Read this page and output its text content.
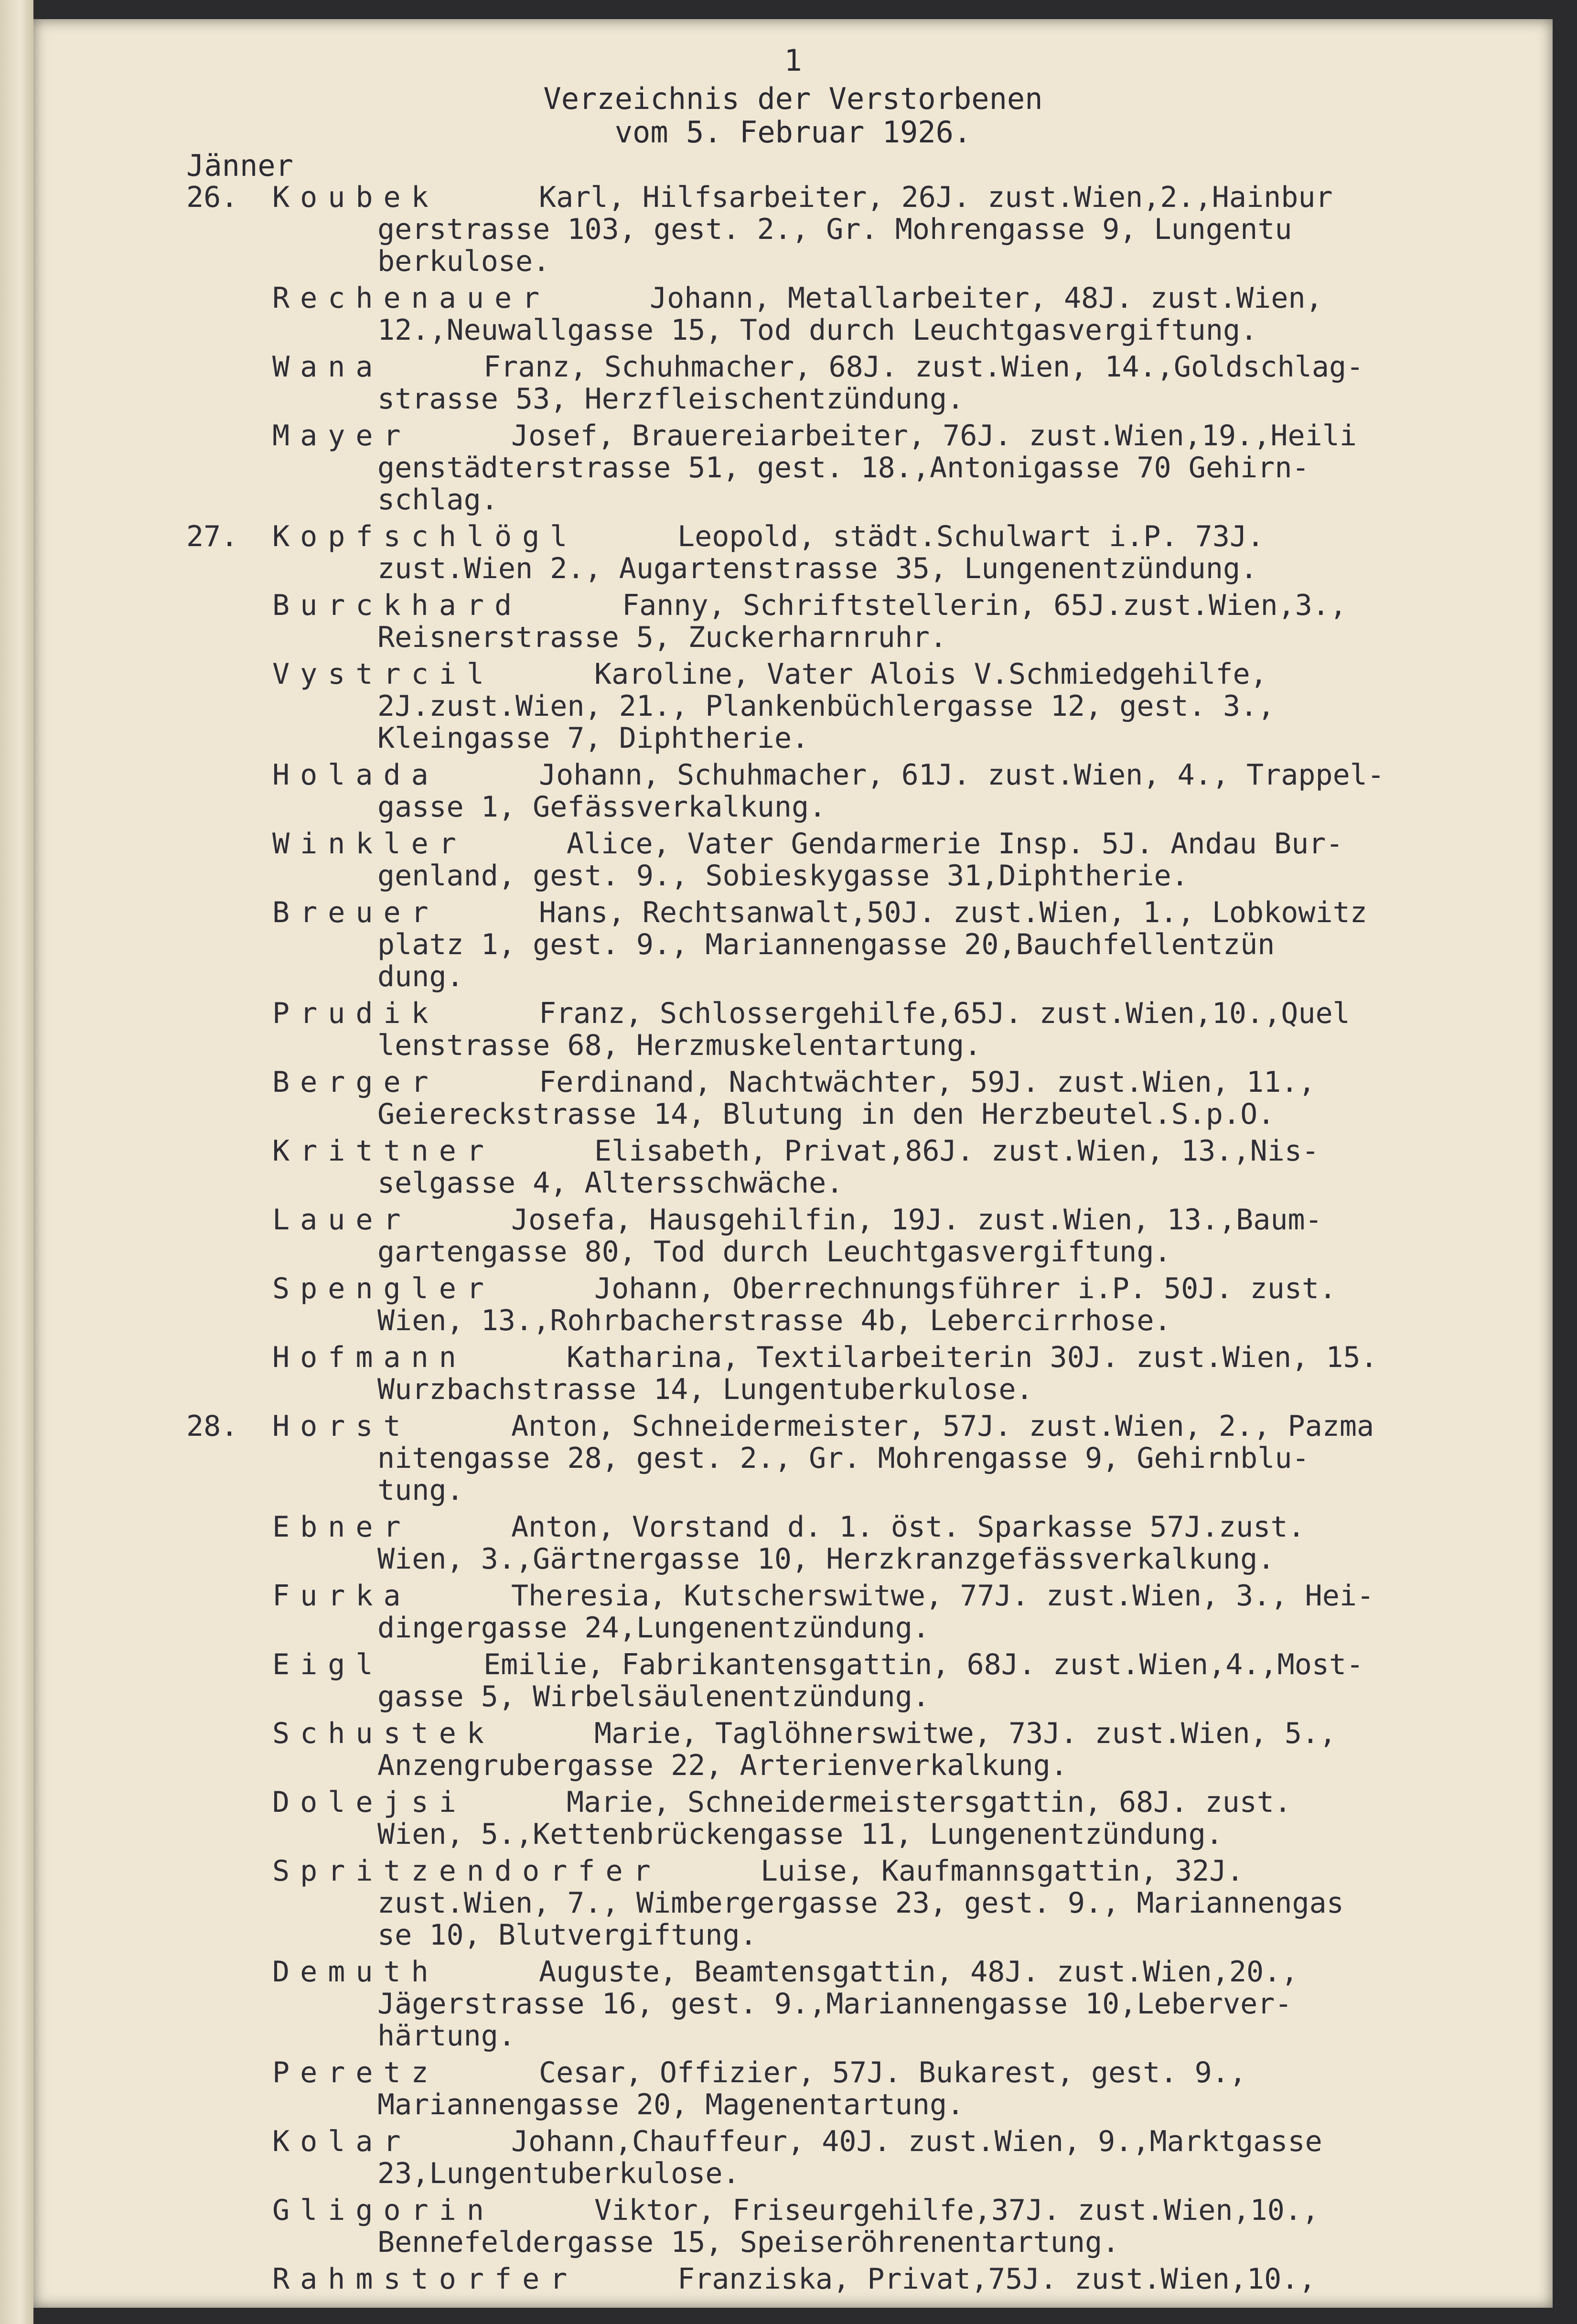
1
Verzeichnis der Verstorbenen
vom 5. Februar 1926.
Jänner
26. Koubek	Karl, Hilfsarbeiter, 26J. zust.Wien,2.,Hainbur
gerstrasse 103, gest. 2., Gr. Mohrengasse 9, Lungentu
berkulose.
Rechenauer	Johann, Metallarbeiter, 48J. zust.Wien,
12.,Neuwallgasse 15, Tod durch Leuchtgasvergiftung.
Wana	Franz, Schuhmacher, 68J. zust.Wien, 14.,Goldschlag-
strasse 53, Herzfleischentzündung.
Mayer	Josef, Brauereiarbeiter, 76J. zust.Wien,19.,Heili
genstädterstrasse 51, gest. 18.,Antonigasse 70 Gehirn-
schlag.
27. Kopfschlögl	Leopold, städt.Schulwart i.P. 73J.
zust.Wien 2., Augartenstrasse 35, Lungenentzündung.
Burckhard	Fanny, Schriftstellerin, 65J.zust.Wien,3.,
Reisnerstrasse 5, Zuckerharnruhr.
Vystrcil	Karoline, Vater Alois V.Schmiedgehilfe,
2J.zust.Wien, 21., Plankenbüchlergasse 12, gest. 3.,
Kleingasse 7, Diphtherie.
Holada	Johann, Schuhmacher, 61J. zust.Wien, 4., Trappel-
gasse 1, Gefässverkalkung.
Winkler	Alice, Vater Gendarmerie Insp. 5J. Andau Bur-
genland, gest. 9., Sobieskygasse 31,Diphtherie.
Breuer	Hans, Rechtsanwalt,50J. zust.Wien, 1., Lobkowitz
platz 1, gest. 9., Mariannengasse 20,Bauchfellentzün
dung.
Prudik	Franz, Schlossergehilfe,65J. zust.Wien,10.,Quel
lenstrasse 68, Herzmuskelentartung.
Berger	Ferdinand, Nachtwächter, 59J. zust.Wien, 11.,
Geiereckstrasse 14, Blutung in den Herzbeutel.S.p.O.
Krittner	Elisabeth, Privat,86J. zust.Wien, 13.,Nis-
selgasse 4, Altersschwäche.
Lauer	Josefa, Hausgehilfin, 19J. zust.Wien, 13.,Baum-
gartengasse 80, Tod durch Leuchtgasvergiftung.
Spengler	Johann, Oberrechnungsführer i.P. 50J. zust.
Wien, 13.,Rohrbacherstrasse 4b, Lebercirrhose.
Hofmann	Katharina, Textilarbeiterin 30J. zust.Wien, 15.
Wurzbachstrasse 14, Lungentuberkulose.
28. Horst	Anton, Schneidermeister, 57J. zust.Wien, 2., Pazma
nitengasse 28, gest. 2., Gr. Mohrengasse 9, Gehirnblu-
tung.
Ebner	Anton, Vorstand d. 1. öst. Sparkasse 57J.zust.
Wien, 3.,Gärtnergasse 10, Herzkranzgefässverkalkung.
Furka	Theresia, Kutscherswitwe, 77J. zust.Wien, 3., Hei-
dingergasse 24,Lungenentzündung.
Eigl	Emilie, Fabrikantensgattin, 68J. zust.Wien,4.,Most-
gasse 5, Wirbelsäulenentzündung.
Schustek	Marie, Taglöhnerswitwe, 73J. zust.Wien, 5.,
Anzengrubergasse 22, Arterienverkalkung.
Dolejsi	Marie, Schneidermeistersgattin, 68J. zust.
Wien, 5.,Kettenbrückengasse 11, Lungenentzündung.
Spritzendorfer	Luise, Kaufmannsgattin, 32J.
zust.Wien, 7., Wimbergergasse 23, gest. 9., Mariannengas
se 10, Blutvergiftung.
Demuth	Auguste, Beamtensgattin, 48J. zust.Wien,20.,
Jägerstrasse 16, gest. 9.,Mariannengasse 10,Leberver-
härtung.
Peretz	Cesar, Offizier, 57J. Bukarest, gest. 9.,
Mariannengasse 20, Magenentartung.
Kolar	Johann,Chauffeur, 40J. zust.Wien, 9.,Marktgasse
23,Lungentuberkulose.
Gligorin	Viktor, Friseurgehilfe,37J. zust.Wien,10.,
Bennefeldergasse 15, Speiseröhrenentartung.
Rahmstorfer	Franziska, Privat,75J. zust.Wien,10.,
